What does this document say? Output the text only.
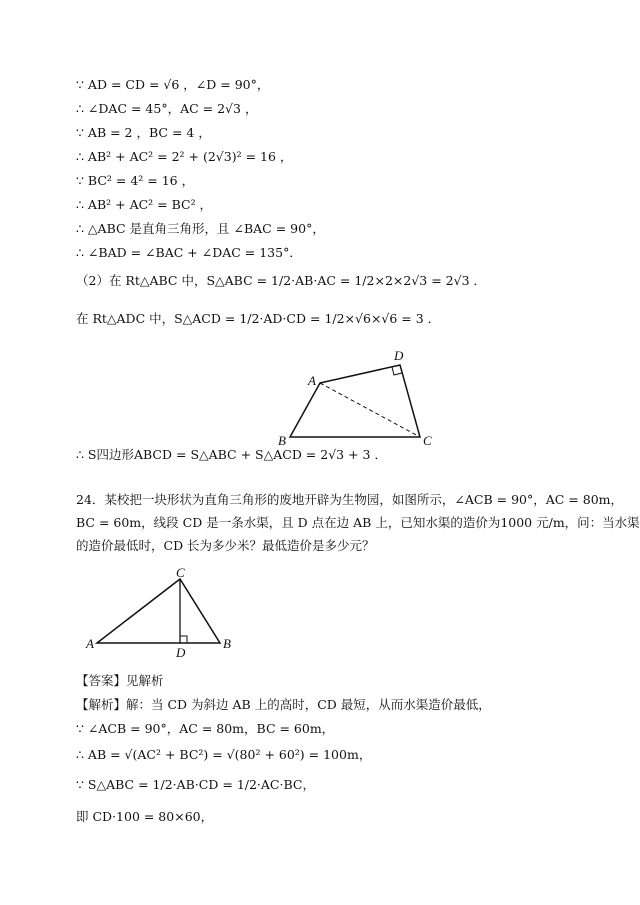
∵ AD = CD = √6 ，∠D = 90°，
∴ ∠DAC = 45°，AC = 2√3 ，
∵ AB = 2 ，BC = 4 ，
∴ AB² + AC² = 2² + (2√3)² = 16 ，
∵ BC² = 4² = 16 ，
∴ AB² + AC² = BC² ，
∴ △ABC 是直角三角形，且 ∠BAC = 90°，
∴ ∠BAD = ∠BAC + ∠DAC = 135°．
（2）在 Rt△ABC 中，S△ABC = 1/2·AB·AC = 1/2×2×2√3 = 2√3 ．
在 Rt△ADC 中，S△ACD = 1/2·AD·CD = 1/2×√6×√6 = 3 ．
A
D
B	C
∴ S四边形ABCD = S△ABC + S△ACD = 2√3 + 3 ．
24．某校把一块形状为直角三角形的废地开辟为生物园，如图所示，∠ACB = 90°，AC = 80m，
BC = 60m，线段 CD 是一条水渠，且 D 点在边 AB 上，已知水渠的造价为1000 元/m，问：当水渠
的造价最低时，CD 长为多少米？最低造价是多少元？
C
A	B
D
【答案】见解析
【解析】解：当 CD 为斜边 AB 上的高时，CD 最短，从而水渠造价最低，
∵ ∠ACB = 90°，AC = 80m，BC = 60m，
∴ AB = √(AC² + BC²) = √(80² + 60²) = 100m，
∵ S△ABC = 1/2·AB·CD = 1/2·AC·BC，
即 CD·100 = 80×60，
